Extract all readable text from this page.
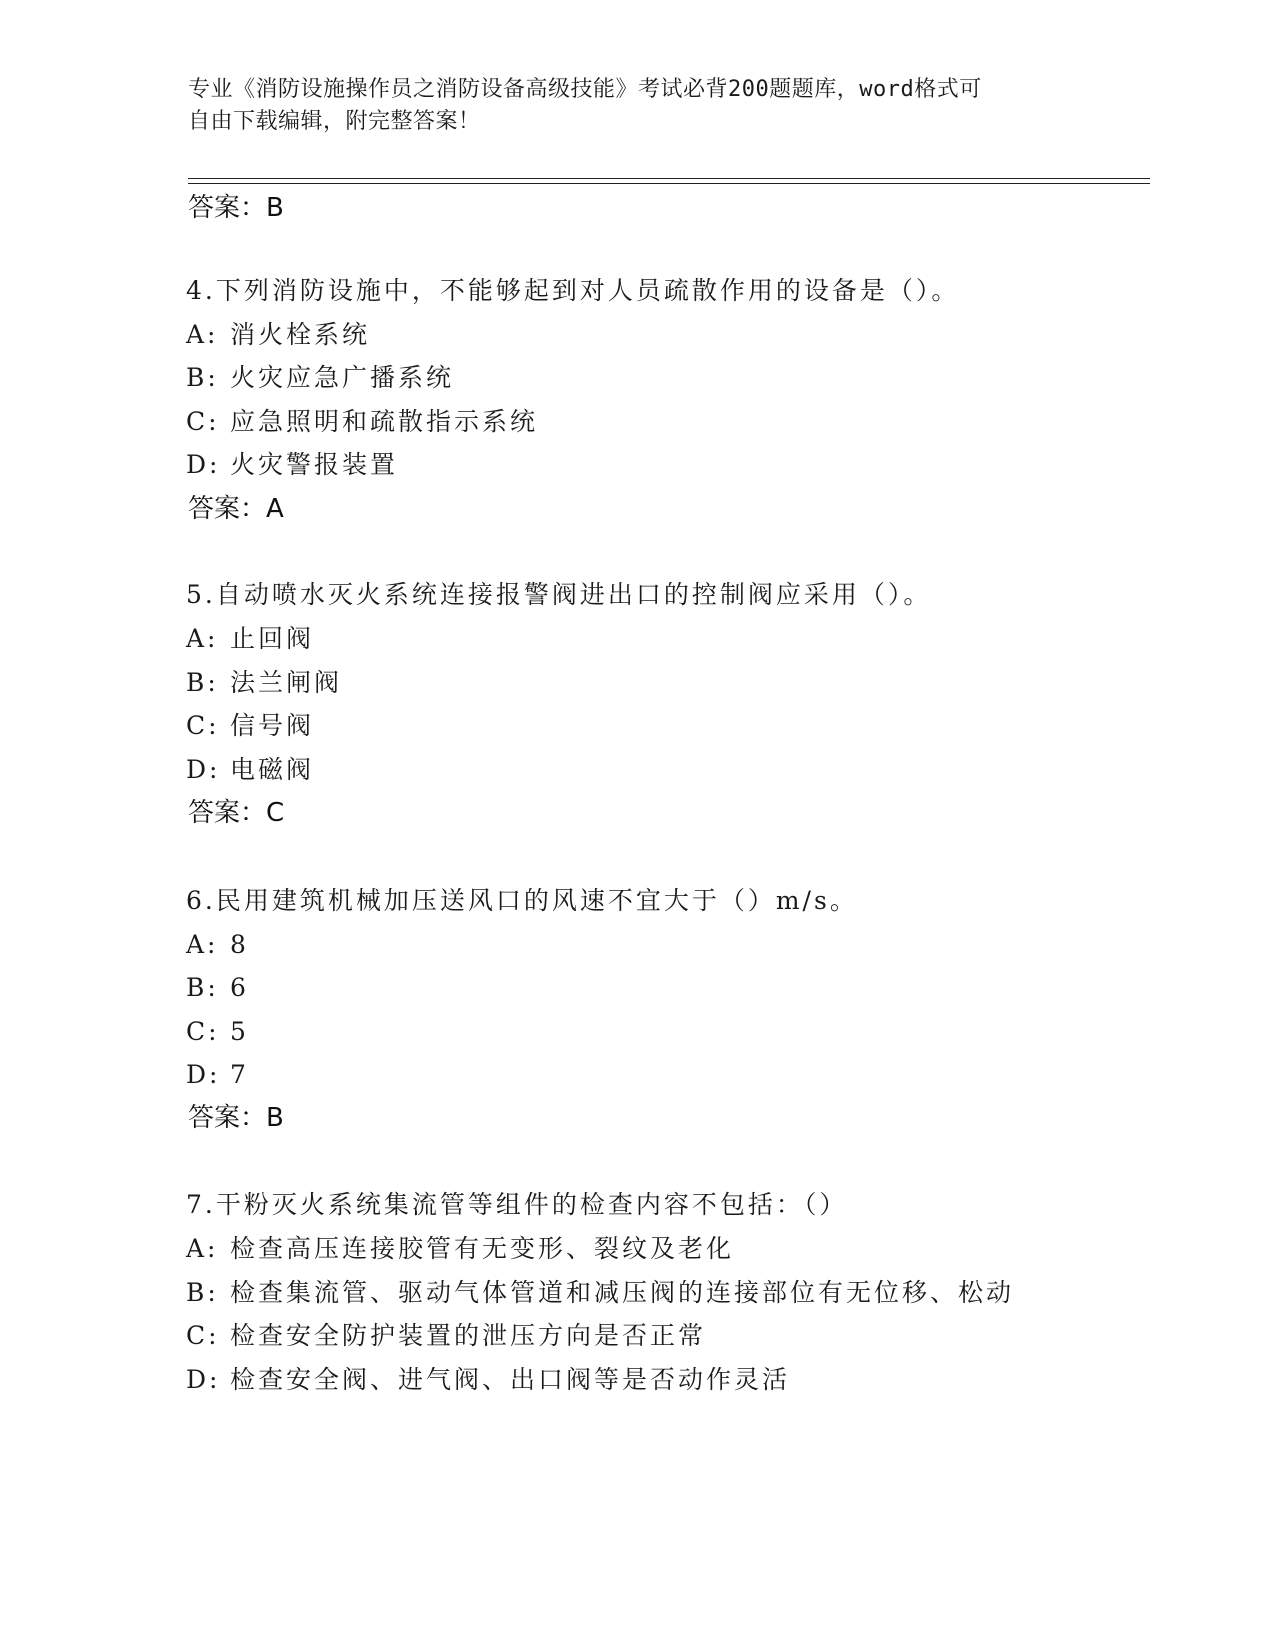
专业《消防设施操作员之消防设备高级技能》考试必背200题题库，word格式可
自由下载编辑，附完整答案！
答案：B
4.下列消防设施中，不能够起到对人员疏散作用的设备是（）。
A: 消火栓系统
B: 火灾应急广播系统
C: 应急照明和疏散指示系统
D: 火灾警报装置
答案：A
5.自动喷水灭火系统连接报警阀进出口的控制阀应采用（）。
A: 止回阀
B: 法兰闸阀
C: 信号阀
D: 电磁阀
答案：C
6.民用建筑机械加压送风口的风速不宜大于（）m/s。
A: 8
B: 6
C: 5
D: 7
答案：B
7.干粉灭火系统集流管等组件的检查内容不包括：（）
A: 检查高压连接胶管有无变形、裂纹及老化
B: 检查集流管、驱动气体管道和减压阀的连接部位有无位移、松动
C: 检查安全防护装置的泄压方向是否正常
D: 检查安全阀、进气阀、出口阀等是否动作灵活
